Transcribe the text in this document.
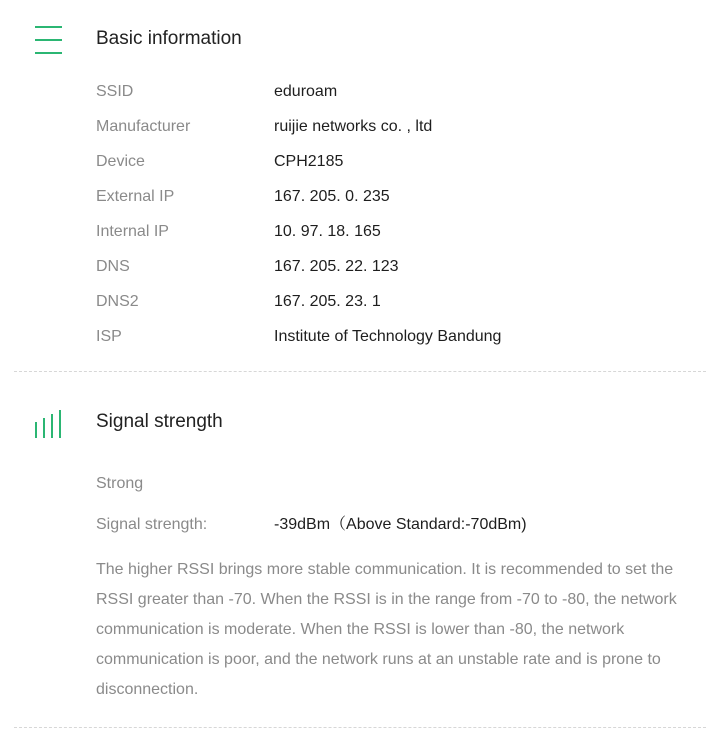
Basic information
SSID	eduroam
Manufacturer	ruijie networks co. , ltd
Device	CPH2185
External IP	167. 205. 0. 235
Internal IP	10. 97. 18. 165
DNS	167. 205. 22. 123
DNS2	167. 205. 23. 1
ISP	Institute of Technology Bandung
Signal strength
Strong
Signal strength:	-39dBm（Above Standard:-70dBm)
The higher RSSI brings more stable communication. It is recommended to set the RSSI greater than -70. When the RSSI is in the range from -70 to -80, the network communication is moderate. When the RSSI is lower than -80, the network communication is poor, and the network runs at an unstable rate and is prone to disconnection.
